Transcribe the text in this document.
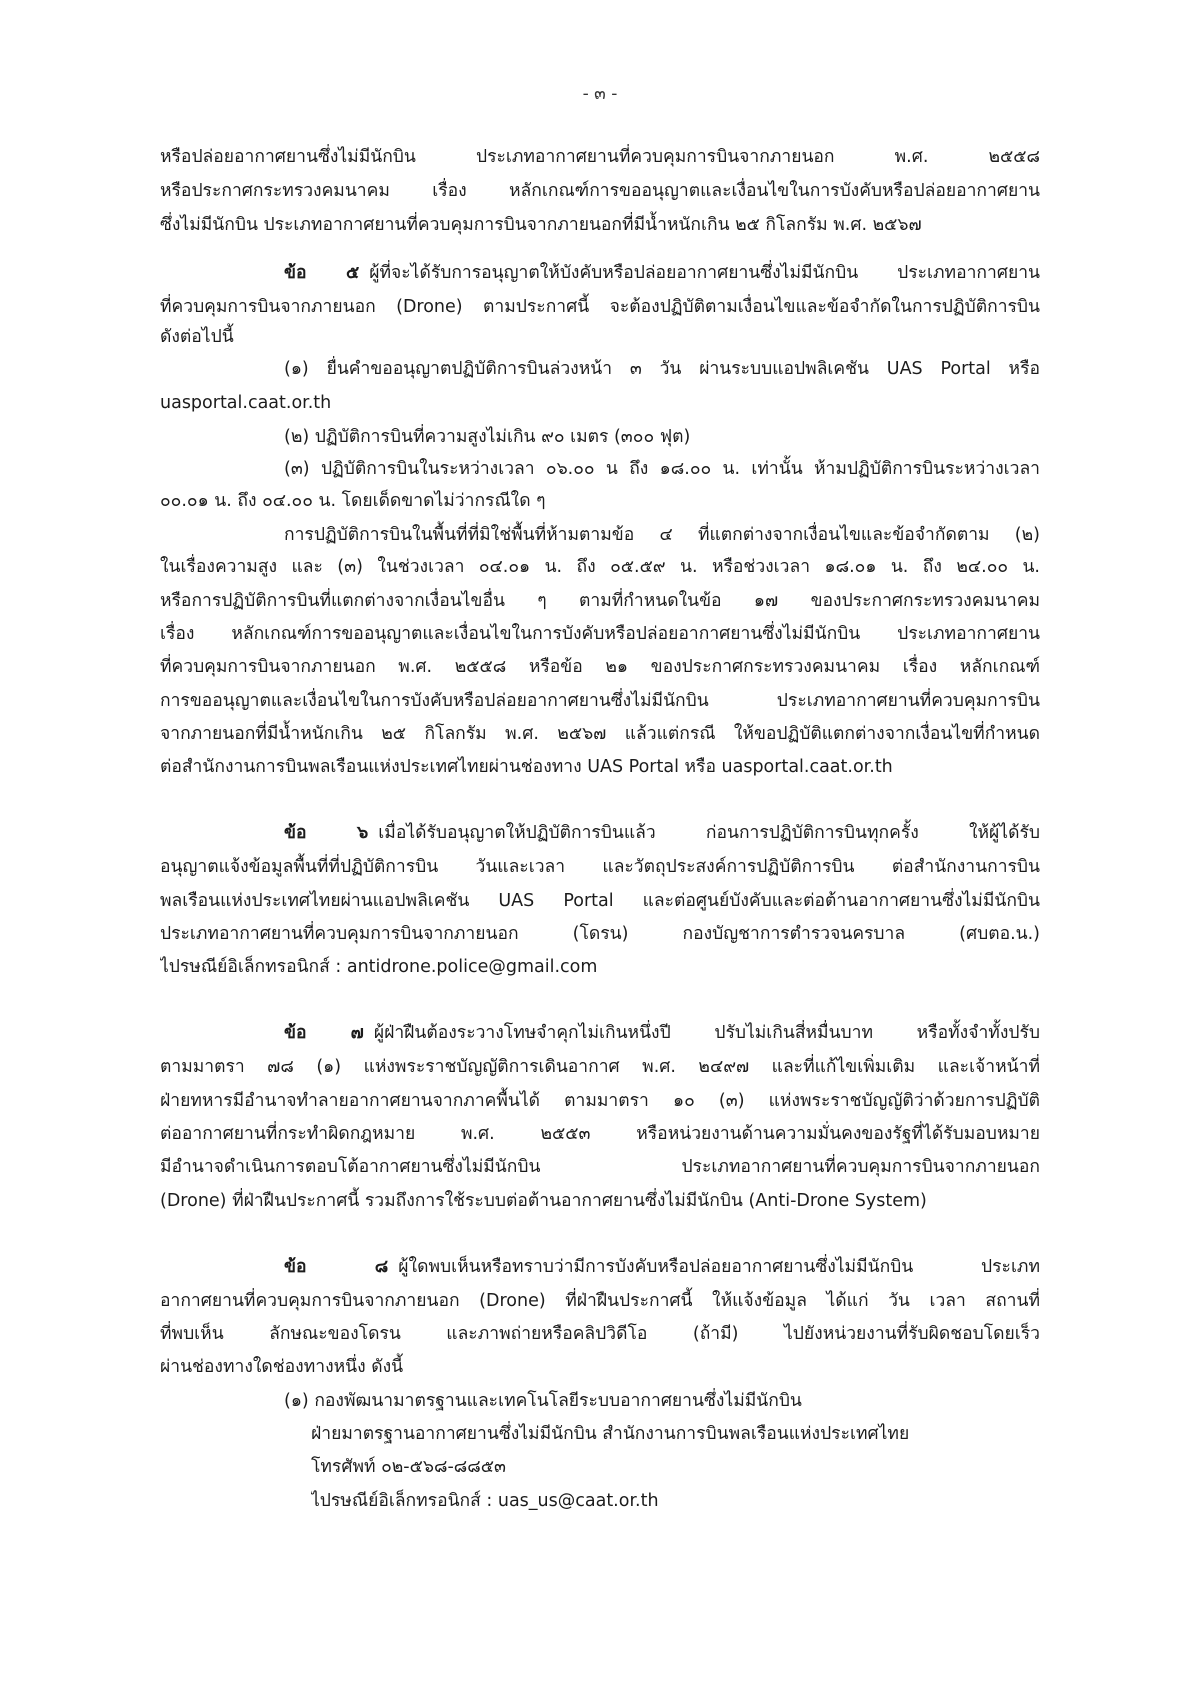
- ๓ -
หรือปล่อยอากาศยานซึ่งไม่มีนักบิน ประเภทอากาศยานที่ควบคุมการบินจากภายนอก พ.ศ. ๒๕๕๘
หรือประกาศกระทรวงคมนาคม เรื่อง หลักเกณฑ์การขออนุญาตและเงื่อนไขในการบังคับหรือปล่อยอากาศยาน
ซึ่งไม่มีนักบิน ประเภทอากาศยานที่ควบคุมการบินจากภายนอกที่มีน้ำหนักเกิน ๒๕ กิโลกรัม พ.ศ. ๒๕๖๗
ข้อ ๕ ผู้ที่จะได้รับการอนุญาตให้บังคับหรือปล่อยอากาศยานซึ่งไม่มีนักบิน ประเภทอากาศยาน
ที่ควบคุมการบินจากภายนอก (Drone) ตามประกาศนี้ จะต้องปฏิบัติตามเงื่อนไขและข้อจำกัดในการปฏิบัติการบิน
ดังต่อไปนี้
(๑) ยื่นคำขออนุญาตปฏิบัติการบินล่วงหน้า ๓ วัน ผ่านระบบแอปพลิเคชัน UAS Portal หรือ
uasportal.caat.or.th
(๒) ปฏิบัติการบินที่ความสูงไม่เกิน ๙๐ เมตร (๓๐๐ ฟุต)
(๓) ปฏิบัติการบินในระหว่างเวลา ๐๖.๐๐ น ถึง ๑๘.๐๐ น. เท่านั้น ห้ามปฏิบัติการบินระหว่างเวลา
๐๐.๐๑ น. ถึง ๐๔.๐๐ น. โดยเด็ดขาดไม่ว่ากรณีใด ๆ
การปฏิบัติการบินในพื้นที่ที่มิใช่พื้นที่ห้ามตามข้อ ๔ ที่แตกต่างจากเงื่อนไขและข้อจำกัดตาม (๒)
ในเรื่องความสูง และ (๓) ในช่วงเวลา ๐๔.๐๑ น. ถึง ๐๕.๕๙ น. หรือช่วงเวลา ๑๘.๐๑ น. ถึง ๒๔.๐๐ น.
หรือการปฏิบัติการบินที่แตกต่างจากเงื่อนไขอื่น ๆ ตามที่กำหนดในข้อ ๑๗ ของประกาศกระทรวงคมนาคม
เรื่อง หลักเกณฑ์การขออนุญาตและเงื่อนไขในการบังคับหรือปล่อยอากาศยานซึ่งไม่มีนักบิน ประเภทอากาศยาน
ที่ควบคุมการบินจากภายนอก พ.ศ. ๒๕๕๘ หรือข้อ ๒๑ ของประกาศกระทรวงคมนาคม เรื่อง หลักเกณฑ์
การขออนุญาตและเงื่อนไขในการบังคับหรือปล่อยอากาศยานซึ่งไม่มีนักบิน ประเภทอากาศยานที่ควบคุมการบิน
จากภายนอกที่มีน้ำหนักเกิน ๒๕ กิโลกรัม พ.ศ. ๒๕๖๗ แล้วแต่กรณี ให้ขอปฏิบัติแตกต่างจากเงื่อนไขที่กำหนด
ต่อสำนักงานการบินพลเรือนแห่งประเทศไทยผ่านช่องทาง UAS Portal หรือ uasportal.caat.or.th
ข้อ ๖ เมื่อได้รับอนุญาตให้ปฏิบัติการบินแล้ว ก่อนการปฏิบัติการบินทุกครั้ง ให้ผู้ได้รับ
อนุญาตแจ้งข้อมูลพื้นที่ที่ปฏิบัติการบิน วันและเวลา และวัตถุประสงค์การปฏิบัติการบิน ต่อสำนักงานการบิน
พลเรือนแห่งประเทศไทยผ่านแอปพลิเคชัน UAS Portal และต่อศูนย์บังคับและต่อต้านอากาศยานซึ่งไม่มีนักบิน
ประเภทอากาศยานที่ควบคุมการบินจากภายนอก (โดรน) กองบัญชาการตำรวจนครบาล (ศบตอ.น.)
ไปรษณีย์อิเล็กทรอนิกส์ : antidrone.police@gmail.com
ข้อ ๗ ผู้ฝ่าฝืนต้องระวางโทษจำคุกไม่เกินหนึ่งปี ปรับไม่เกินสี่หมื่นบาท หรือทั้งจำทั้งปรับ
ตามมาตรา ๗๘ (๑) แห่งพระราชบัญญัติการเดินอากาศ พ.ศ. ๒๔๙๗ และที่แก้ไขเพิ่มเติม และเจ้าหน้าที่
ฝ่ายทหารมีอำนาจทำลายอากาศยานจากภาคพื้นได้ ตามมาตรา ๑๐ (๓) แห่งพระราชบัญญัติว่าด้วยการปฏิบัติ
ต่ออากาศยานที่กระทำผิดกฎหมาย พ.ศ. ๒๕๕๓ หรือหน่วยงานด้านความมั่นคงของรัฐที่ได้รับมอบหมาย
มีอำนาจดำเนินการตอบโต้อากาศยานซึ่งไม่มีนักบิน ประเภทอากาศยานที่ควบคุมการบินจากภายนอก
(Drone) ที่ฝ่าฝืนประกาศนี้ รวมถึงการใช้ระบบต่อต้านอากาศยานซึ่งไม่มีนักบิน (Anti-Drone System)
ข้อ ๘ ผู้ใดพบเห็นหรือทราบว่ามีการบังคับหรือปล่อยอากาศยานซึ่งไม่มีนักบิน ประเภท
อากาศยานที่ควบคุมการบินจากภายนอก (Drone) ที่ฝ่าฝืนประกาศนี้ ให้แจ้งข้อมูล ได้แก่ วัน เวลา สถานที่
ที่พบเห็น ลักษณะของโดรน และภาพถ่ายหรือคลิปวิดีโอ (ถ้ามี) ไปยังหน่วยงานที่รับผิดชอบโดยเร็ว
ผ่านช่องทางใดช่องทางหนึ่ง ดังนี้
(๑) กองพัฒนามาตรฐานและเทคโนโลยีระบบอากาศยานซึ่งไม่มีนักบิน
ฝ่ายมาตรฐานอากาศยานซึ่งไม่มีนักบิน สำนักงานการบินพลเรือนแห่งประเทศไทย
โทรศัพท์ ๐๒-๕๖๘-๘๘๕๓
ไปรษณีย์อิเล็กทรอนิกส์ : uas_us@caat.or.th
